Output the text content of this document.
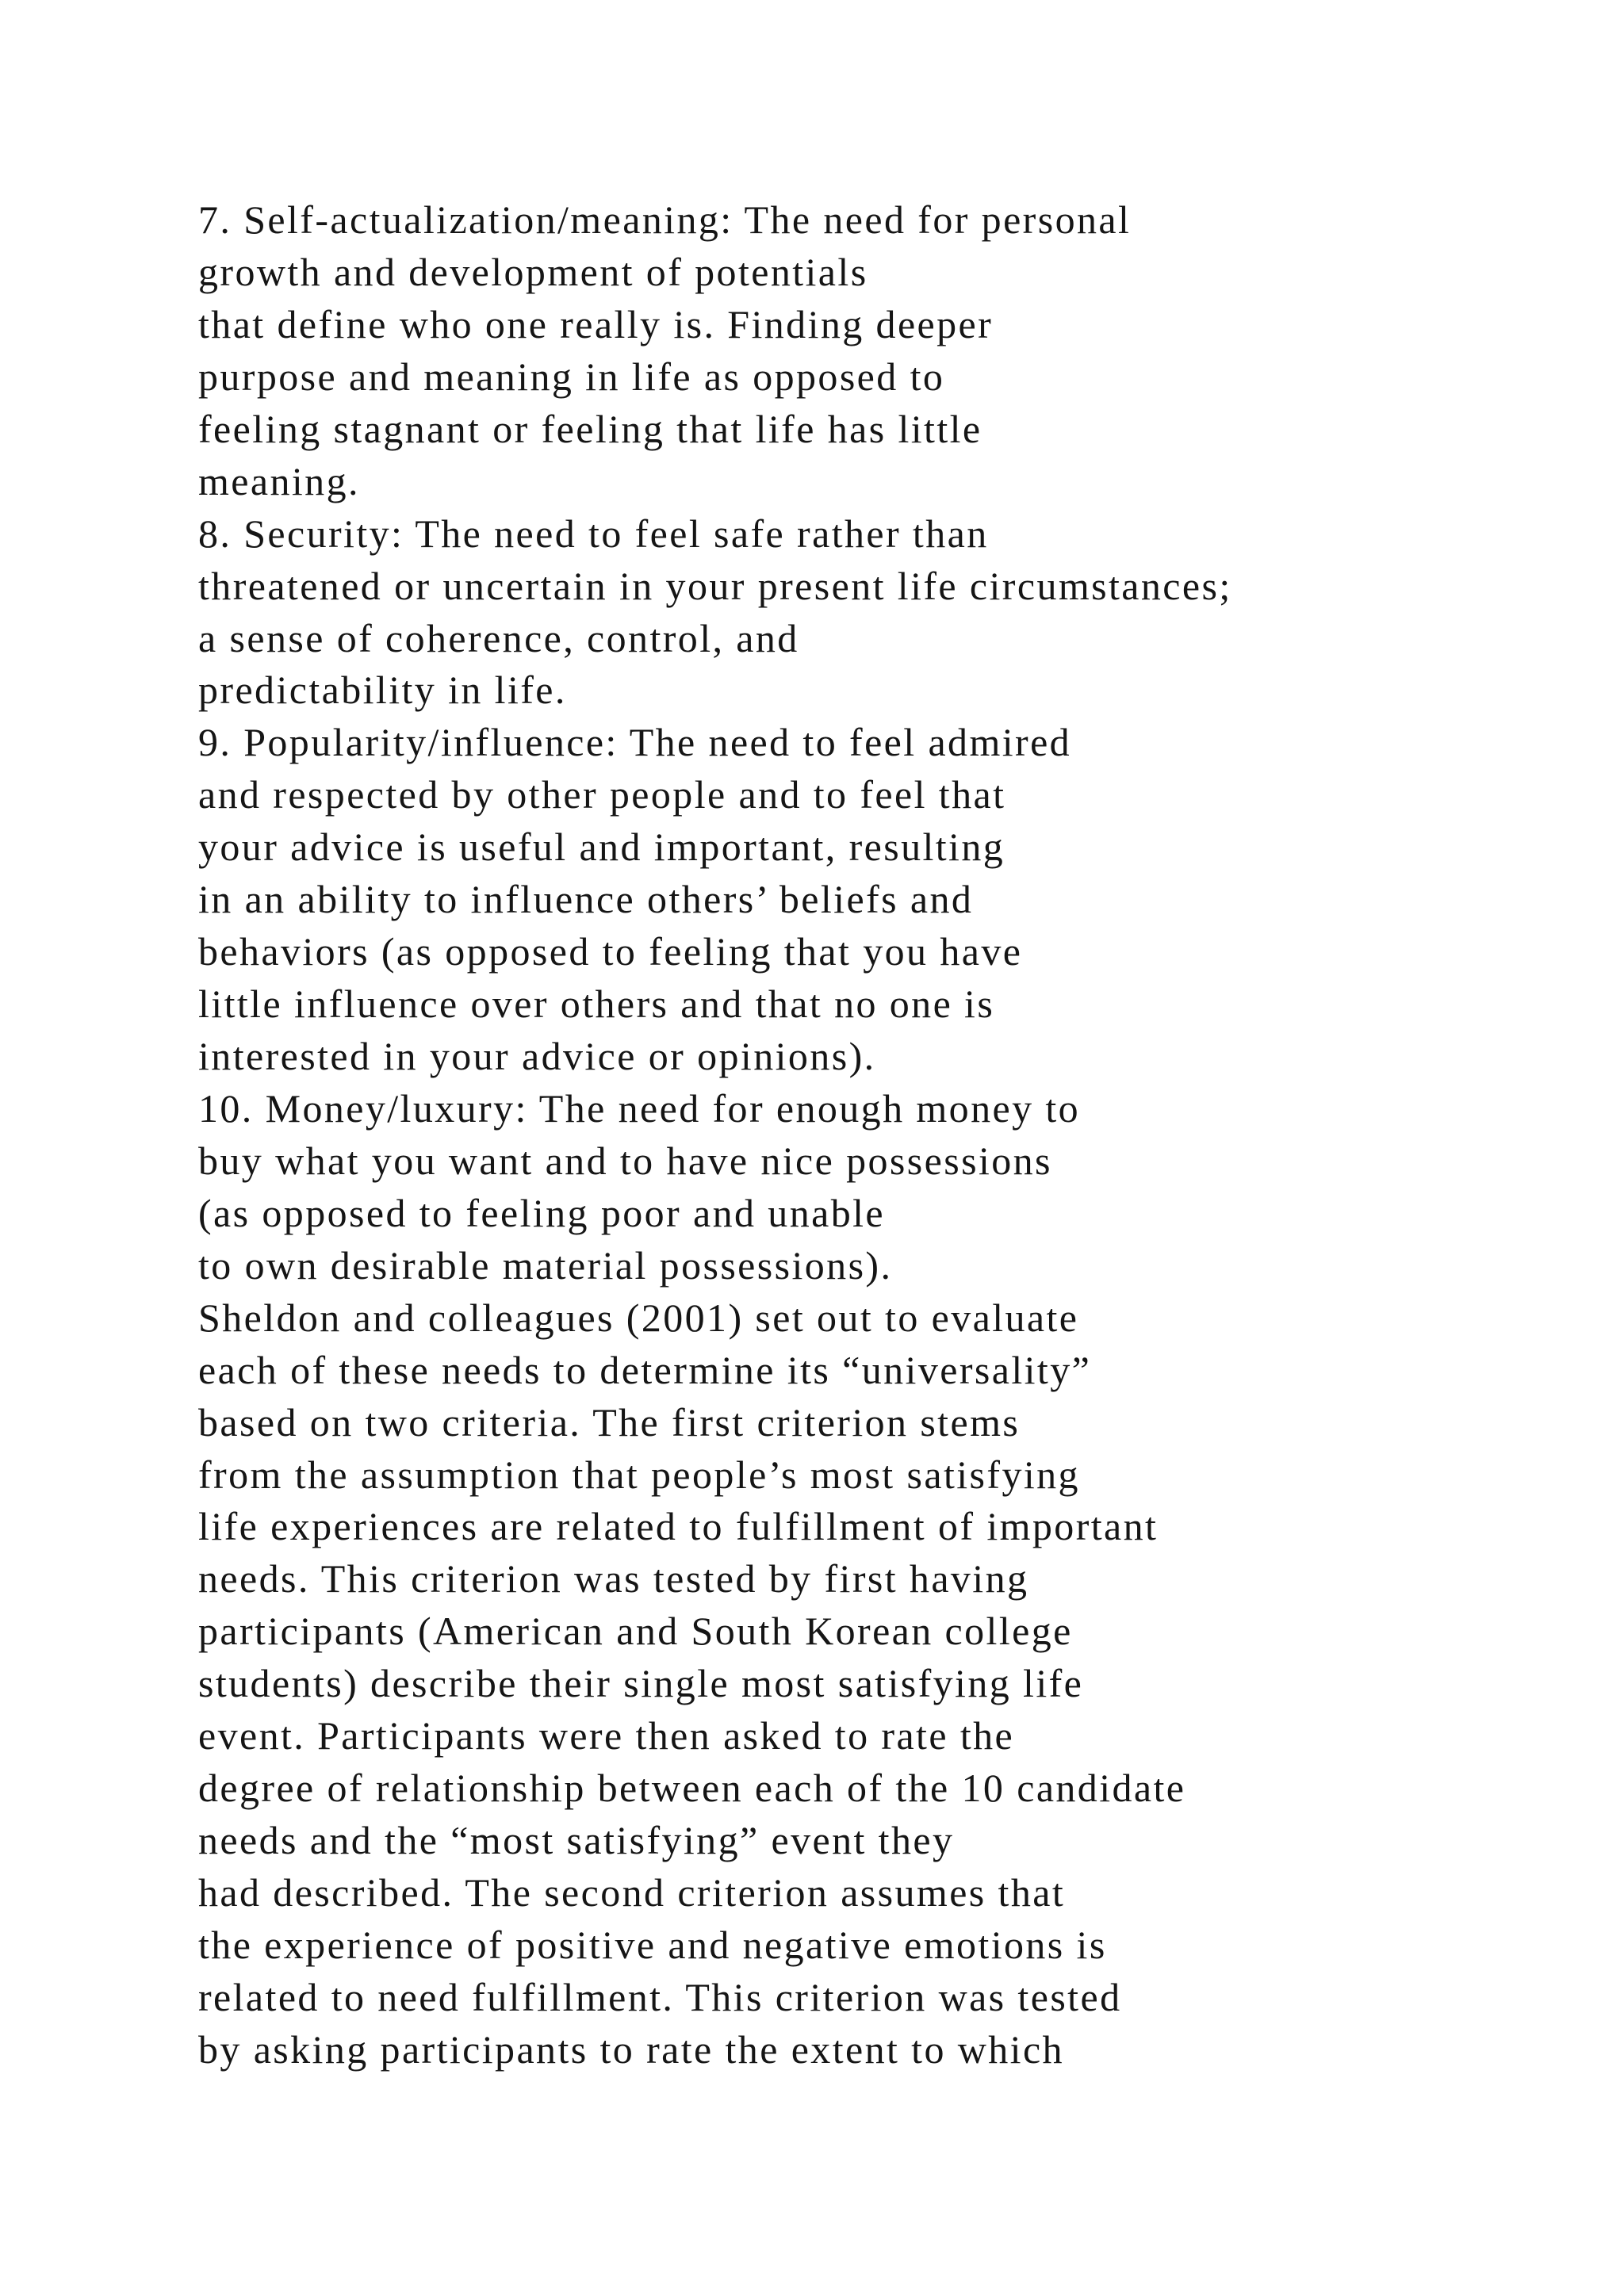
7. Self-actualization/meaning: The need for personal
growth and development of potentials
that define who one really is. Finding deeper
purpose and meaning in life as opposed to
feeling stagnant or feeling that life has little
meaning.
8. Security: The need to feel safe rather than
threatened or uncertain in your present life circumstances;
a sense of coherence, control, and
predictability in life.
9. Popularity/influence: The need to feel admired
and respected by other people and to feel that
your advice is useful and important, resulting
in an ability to influence others’ beliefs and
behaviors (as opposed to feeling that you have
little influence over others and that no one is
interested in your advice or opinions).
10. Money/luxury: The need for enough money to
buy what you want and to have nice possessions
(as opposed to feeling poor and unable
to own desirable material possessions).
Sheldon and colleagues (2001) set out to evaluate
each of these needs to determine its “universality”
based on two criteria. The first criterion stems
from the assumption that people’s most satisfying
life experiences are related to fulfillment of important
needs. This criterion was tested by first having
participants (American and South Korean college
students) describe their single most satisfying life
event. Participants were then asked to rate the
degree of relationship between each of the 10 candidate
needs and the “most satisfying” event they
had described. The second criterion assumes that
the experience of positive and negative emotions is
related to need fulfillment. This criterion was tested
by asking participants to rate the extent to which
